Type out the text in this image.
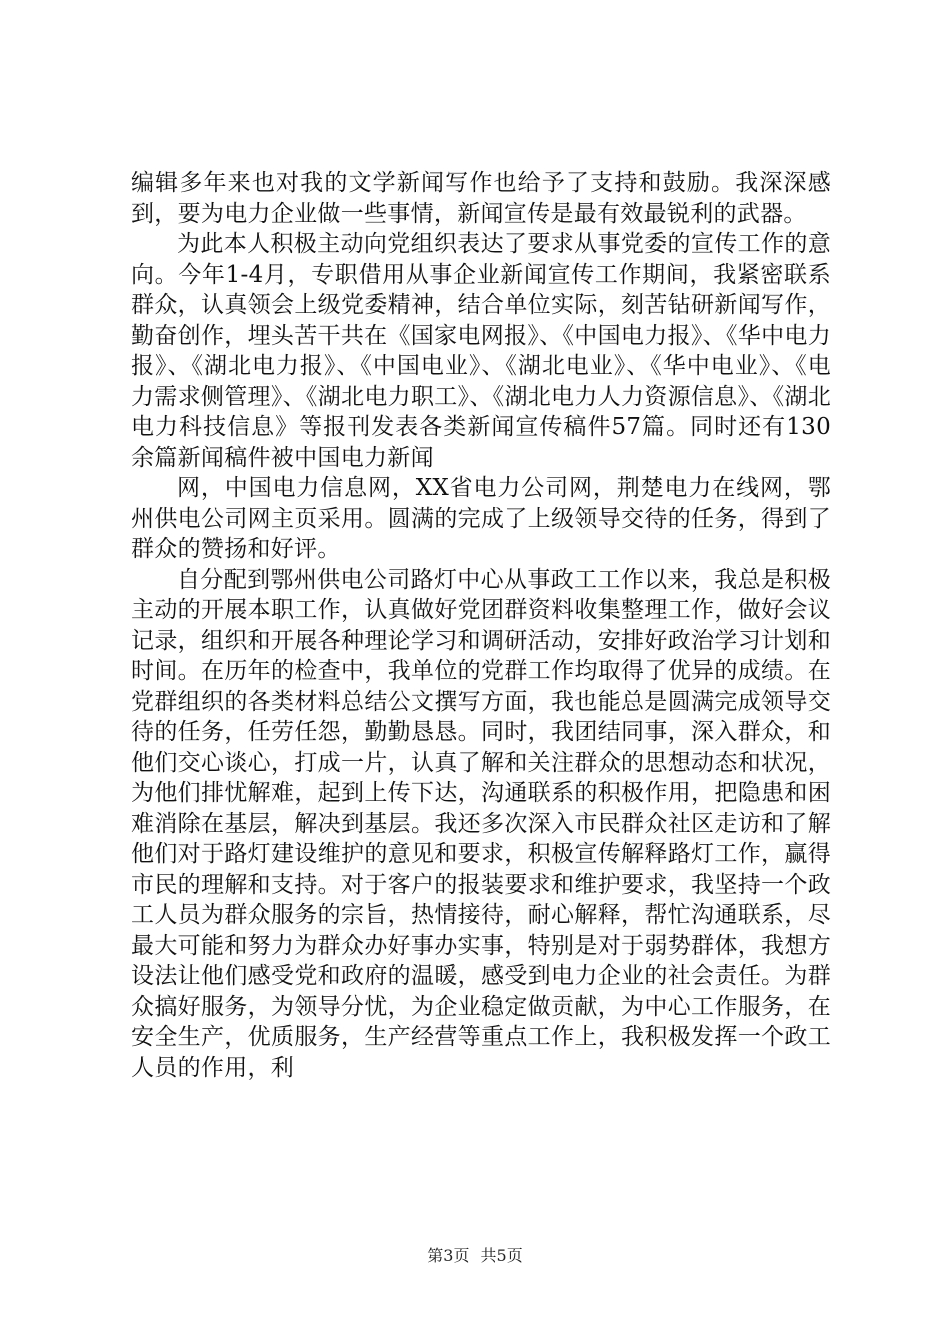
编辑多年来也对我的文学新闻写作也给予了支持和鼓励。我深深感到，要为电力企业做一些事情，新闻宣传是最有效最锐利的武器。

为此本人积极主动向党组织表达了要求从事党委的宣传工作的意向。今年1-4月，专职借用从事企业新闻宣传工作期间，我紧密联系群众，认真领会上级党委精神，结合单位实际，刻苦钻研新闻写作，勤奋创作，埋头苦干共在《国家电网报》、《中国电力报》、《华中电力报》、《湖北电力报》、《中国电业》、《湖北电业》、《华中电业》、《电力需求侧管理》、《湖北电力职工》、《湖北电力人力资源信息》、《湖北电力科技信息》等报刊发表各类新闻宣传稿件57篇。同时还有130余篇新闻稿件被中国电力新闻

网，中国电力信息网，XX省电力公司网，荆楚电力在线网，鄂州供电公司网主页采用。圆满的完成了上级领导交待的任务，得到了群众的赞扬和好评。

自分配到鄂州供电公司路灯中心从事政工工作以来，我总是积极主动的开展本职工作，认真做好党团群资料收集整理工作，做好会议记录，组织和开展各种理论学习和调研活动，安排好政治学习计划和时间。在历年的检查中，我单位的党群工作均取得了优异的成绩。在党群组织的各类材料总结公文撰写方面，我也能总是圆满完成领导交待的任务，任劳任怨，勤勤恳恳。同时，我团结同事，深入群众，和他们交心谈心，打成一片，认真了解和关注群众的思想动态和状况，为他们排忧解难，起到上传下达，沟通联系的积极作用，把隐患和困难消除在基层，解决到基层。我还多次深入市民群众社区走访和了解他们对于路灯建设维护的意见和要求，积极宣传解释路灯工作，赢得市民的理解和支持。对于客户的报装要求和维护要求，我坚持一个政工人员为群众服务的宗旨，热情接待，耐心解释，帮忙沟通联系，尽最大可能和努力为群众办好事办实事，特别是对于弱势群体，我想方设法让他们感受党和政府的温暖，感受到电力企业的社会责任。为群众搞好服务，为领导分忧，为企业稳定做贡献，为中心工作服务，在安全生产，优质服务，生产经营等重点工作上，我积极发挥一个政工人员的作用，利

第3页 共5页
